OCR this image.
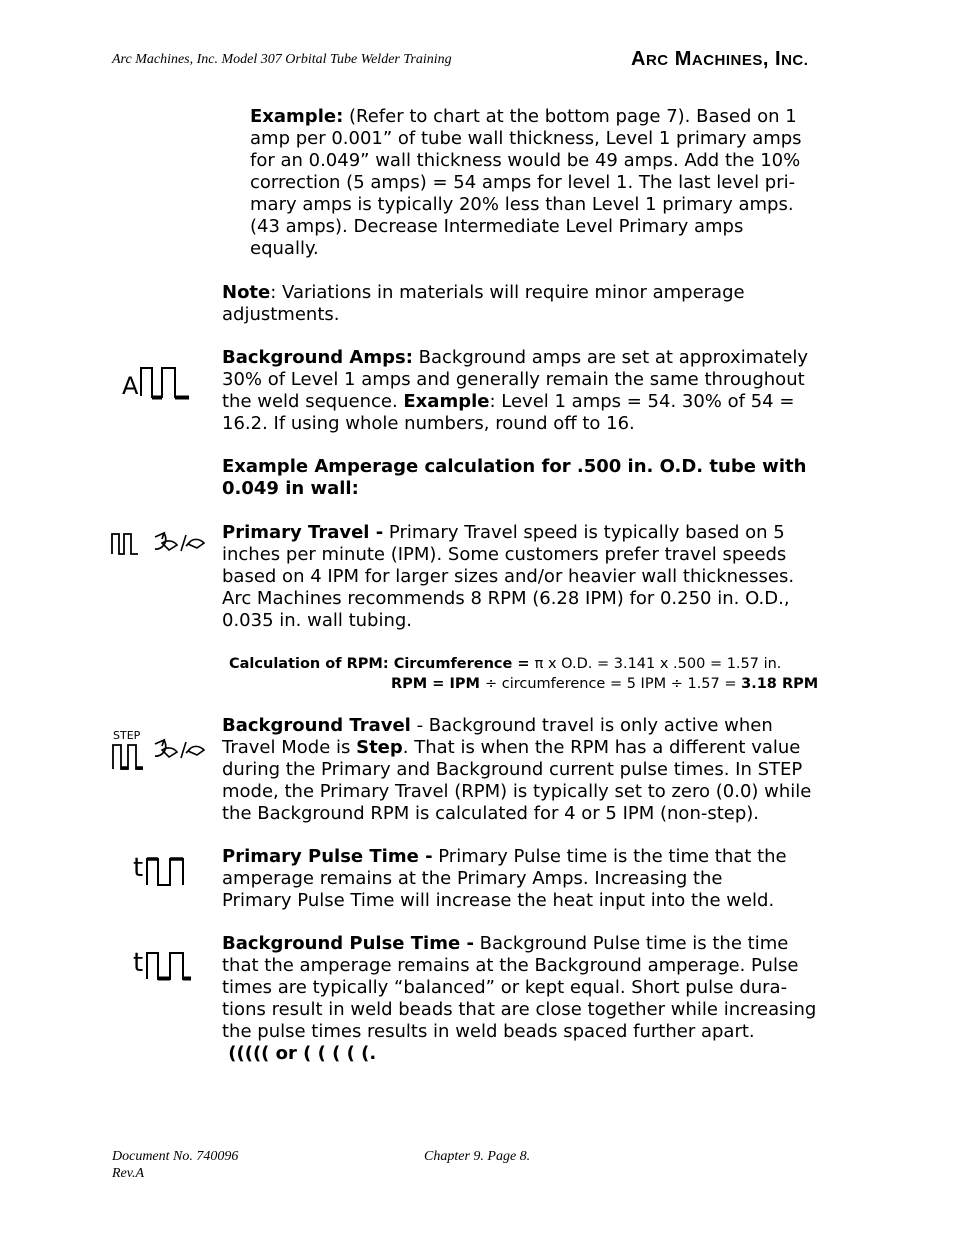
Arc Machines, Inc. Model 307 Orbital Tube Welder Training	ARC MACHINES, INC.
Example: (Refer to chart at the bottom page 7). Based on 1
amp per 0.001” of tube wall thickness, Level 1 primary amps
for an 0.049” wall thickness would be 49 amps. Add the 10%
correction (5 amps) = 54 amps for level 1. The last level pri-
mary amps is typically 20% less than Level 1 primary amps.
(43 amps). Decrease Intermediate Level Primary amps
equally.
Note: Variations in materials will require minor amperage
adjustments.
A
Background Amps: Background amps are set at approximately
30% of Level 1 amps and generally remain the same throughout
the weld sequence. Example: Level 1 amps = 54. 30% of 54 =
16.2. If using whole numbers, round off to 16.
Example Amperage calculation for .500 in. O.D. tube with
0.049 in wall:
Primary Travel - Primary Travel speed is typically based on 5
inches per minute (IPM). Some customers prefer travel speeds
based on 4 IPM for larger sizes and/or heavier wall thicknesses.
Arc Machines recommends 8 RPM (6.28 IPM) for 0.250 in. O.D.,
0.035 in. wall tubing.
Calculation of RPM: Circumference = π x O.D. = 3.141 x .500 = 1.57 in.
RPM = IPM ÷ circumference = 5 IPM ÷ 1.57 = 3.18 RPM
STEP	Background Travel - Background travel is only active when
Travel Mode is Step. That is when the RPM has a different value
during the Primary and Background current pulse times. In STEP
mode, the Primary Travel (RPM) is typically set to zero (0.0) while
the Background RPM is calculated for 4 or 5 IPM (non-step).
t	Primary Pulse Time - Primary Pulse time is the time that the
amperage remains at the Primary Amps. Increasing the
Primary Pulse Time will increase the heat input into the weld.
t
Background Pulse Time - Background Pulse time is the time
that the amperage remains at the Background amperage. Pulse
times are typically “balanced” or kept equal. Short pulse dura-
tions result in weld beads that are close together while increasing
the pulse times results in weld beads spaced further apart.
((((( or ( ( ( ( (.
Document No. 740096
Rev.A
Chapter 9. Page 8.
